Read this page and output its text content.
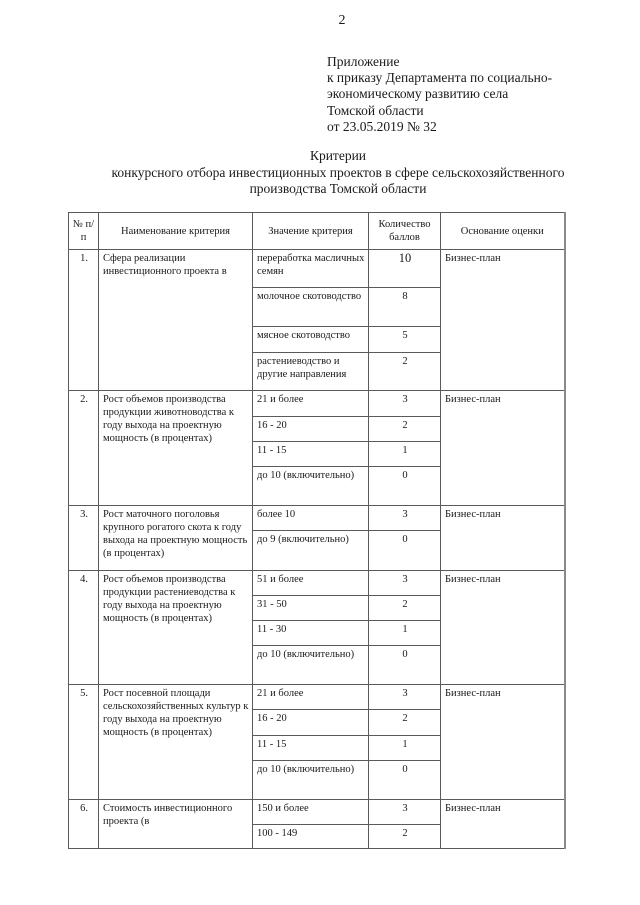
2
Приложение
к приказу Департамента по социально-
экономическому развитию села
Томской области
от 23.05.2019 № 32
Критерии
конкурсного отбора инвестиционных проектов в сфере сельскохозяйственного
производства Томской области
№ п/п	Наименование критерия	Значение критерия	Количество баллов	Основание оценки
1.	Сфера реализации инвестиционного проекта в	переработка масличных семян	10	Бизнес-план
		молочное скотоводство	8	
		мясное скотоводство	5	
		растениеводство и другие направления	2	
2.	Рост объемов производства продукции животноводства к году выхода на проектную мощность (в процентах)	21 и более	3	Бизнес-план
		16 - 20	2	
		11 - 15	1	
		до 10 (включительно)	0	
3.	Рост маточного поголовья крупного рогатого скота к году выхода на проектную мощность (в процентах)	более 10	3	Бизнес-план
		до 9 (включительно)	0	
4.	Рост объемов производства продукции растениеводства к году выхода на проектную мощность (в процентах)	51 и более	3	Бизнес-план
		31 - 50	2	
		11 - 30	1	
		до 10 (включительно)	0	
5.	Рост посевной площади сельскохозяйственных культур к году выхода на проектную мощность (в процентах)	21 и более	3	Бизнес-план
		16 - 20	2	
		11 - 15	1	
		до 10 (включительно)	0	
6.	Стоимость инвестиционного проекта (в	150 и более	3	Бизнес-план
		100 - 149	2	
